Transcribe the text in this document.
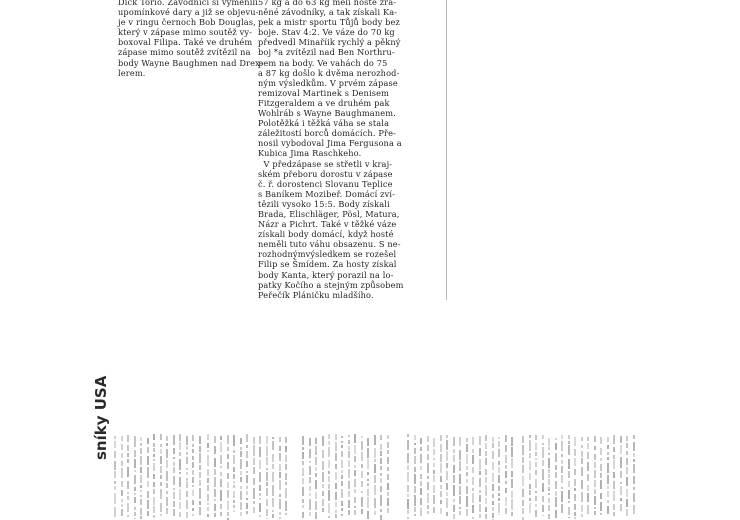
Dick Torio. Závodníci si vyměnili
upomínkové dary a již se objevu-
je v ringu černoch Bob Douglas,
který v zápase mimo soutěž vy-
boxoval Filipa. Také ve druhém
zápase mimo soutěž zvítězil na
body Wayne Baughmen nad Drex-
lerem.
57 kg a do 63 kg měli hosté zra-
něné závodníky, a tak získali Ka-
pek a mistr sportu Tůjů body bez
boje. Stav 4:2. Ve váze do 70 kg
předvedl Minaříik rychlý a pěkný
boj *a zvítězil nad Ben Northru-
pem na body. Ve vahách do 75
a 87 kg došlo k dvěma nerozhod-
ným výsledkům. V prvém zápase
remizoval Martinek s Denisem
Fitzgeraldem a ve druhém pak
Wohlráb s Wayne Baughmanem.
Polotěžká i těžká váha se stala
záležitostí borců domácích. Pře-
nosil vybodoval Jima Fergusona a
Kubica Jima Raschkeho.
V předzápase se střetli v kraj-
ském přeboru dorostu v zápase
č. ř. dorostenci Slovanu Teplice
s Baníkem Mozibeř. Domácí zví-
tězili vysoko 15:5. Body získali
Brada, Elischläger, Pösl, Matura,
Názr a Pichrt. Také v těžké váze
získali body domácí, když hosté
neměli tuto váhu obsazenu. S ne-
rozhodnýmvýsledkem se rozešel
Filip se Šmídem. Za hosty získal
body Kanta, který porazil na lo-
patky Kočího a stejným způsobem
Peřečík Pláničku mladšího.
sníky USA
